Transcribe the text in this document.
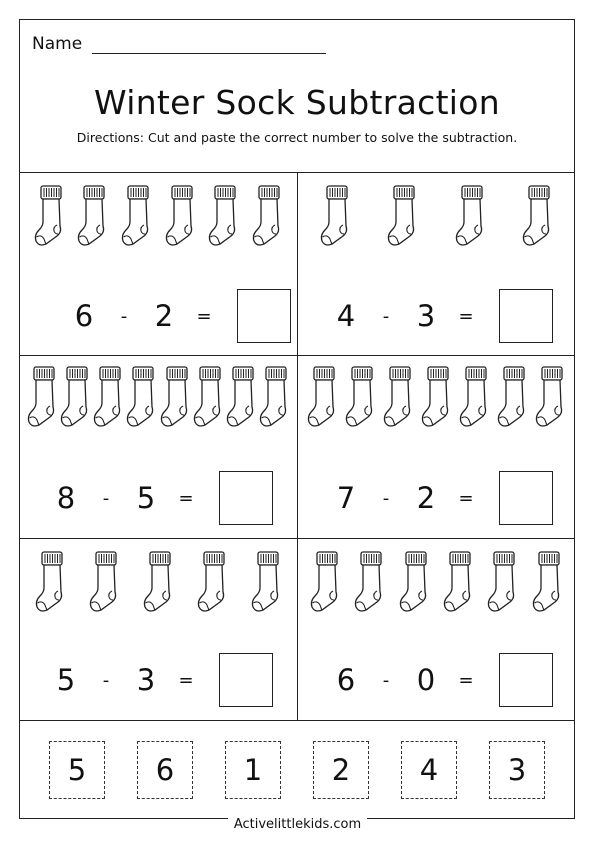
Name
Winter Sock Subtraction
Directions: Cut and paste the correct number to solve the subtraction.
6	- 2	=	4	- 3	=
8	- 5	=	7	- 2	=
5	- 3	=	6	- 0	=
5	6	1	2	4	3
Activelittlekids.com
